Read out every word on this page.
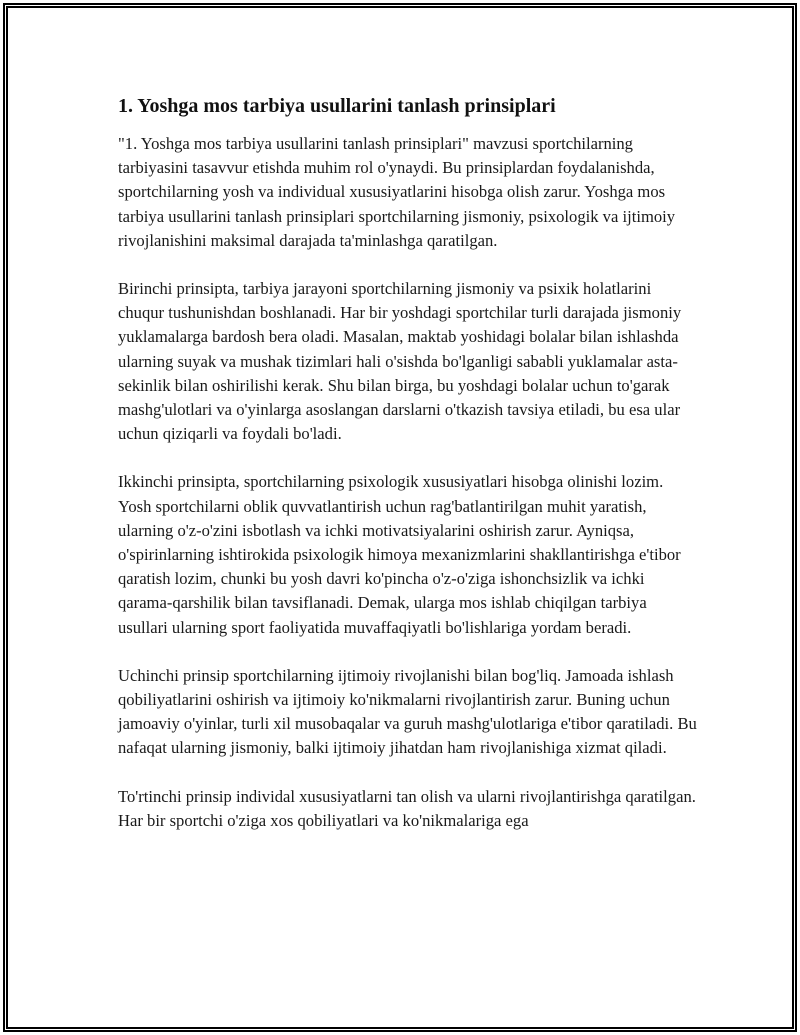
1. Yoshga mos tarbiya usullarini tanlash prinsiplari

"1. Yoshga mos tarbiya usullarini tanlash prinsiplari" mavzusi sportchilarning tarbiyasini tasavvur etishda muhim rol o'ynaydi. Bu prinsiplardan foydalanishda, sportchilarning yosh va individual xususiyatlarini hisobga olish zarur. Yoshga mos tarbiya usullarini tanlash prinsiplari sportchilarning jismoniy, psixologik va ijtimoiy rivojlanishini maksimal darajada ta'minlashga qaratilgan.

Birinchi prinsipta, tarbiya jarayoni sportchilarning jismoniy va psixik holatlarini chuqur tushunishdan boshlanadi. Har bir yoshdagi sportchilar turli darajada jismoniy yuklamalarga bardosh bera oladi. Masalan, maktab yoshidagi bolalar bilan ishlashda ularning suyak va mushak tizimlari hali o'sishda bo'lganligi sababli yuklamalar asta-sekinlik bilan oshirilishi kerak. Shu bilan birga, bu yoshdagi bolalar uchun to'garak mashg'ulotlari va o'yinlarga asoslangan darslarni o'tkazish tavsiya etiladi, bu esa ular uchun qiziqarli va foydali bo'ladi.

Ikkinchi prinsipta, sportchilarning psixologik xususiyatlari hisobga olinishi lozim. Yosh sportchilarni oblik quvvatlantirish uchun rag'batlantirilgan muhit yaratish, ularning o'z-o'zini isbotlash va ichki motivatsiyalarini oshirish zarur. Ayniqsa, o'spirinlarning ishtirokida psixologik himoya mexanizmlarini shakllantirishga e'tibor qaratish lozim, chunki bu yosh davri ko'pincha o'z-o'ziga ishonchsizlik va ichki qarama-qarshilik bilan tavsiflanadi. Demak, ularga mos ishlab chiqilgan tarbiya usullari ularning sport faoliyatida muvaffaqiyatli bo'lishlariga yordam beradi.

Uchinchi prinsip sportchilarning ijtimoiy rivojlanishi bilan bog'liq. Jamoada ishlash qobiliyatlarini oshirish va ijtimoiy ko'nikmalarni rivojlantirish zarur. Buning uchun jamoaviy o'yinlar, turli xil musobaqalar va guruh mashg'ulotlariga e'tibor qaratiladi. Bu nafaqat ularning jismoniy, balki ijtimoiy jihatdan ham rivojlanishiga xizmat qiladi.

To'rtinchi prinsip individal xususiyatlarni tan olish va ularni rivojlantirishga qaratilgan. Har bir sportchi o'ziga xos qobiliyatlari va ko'nikmalariga ega
